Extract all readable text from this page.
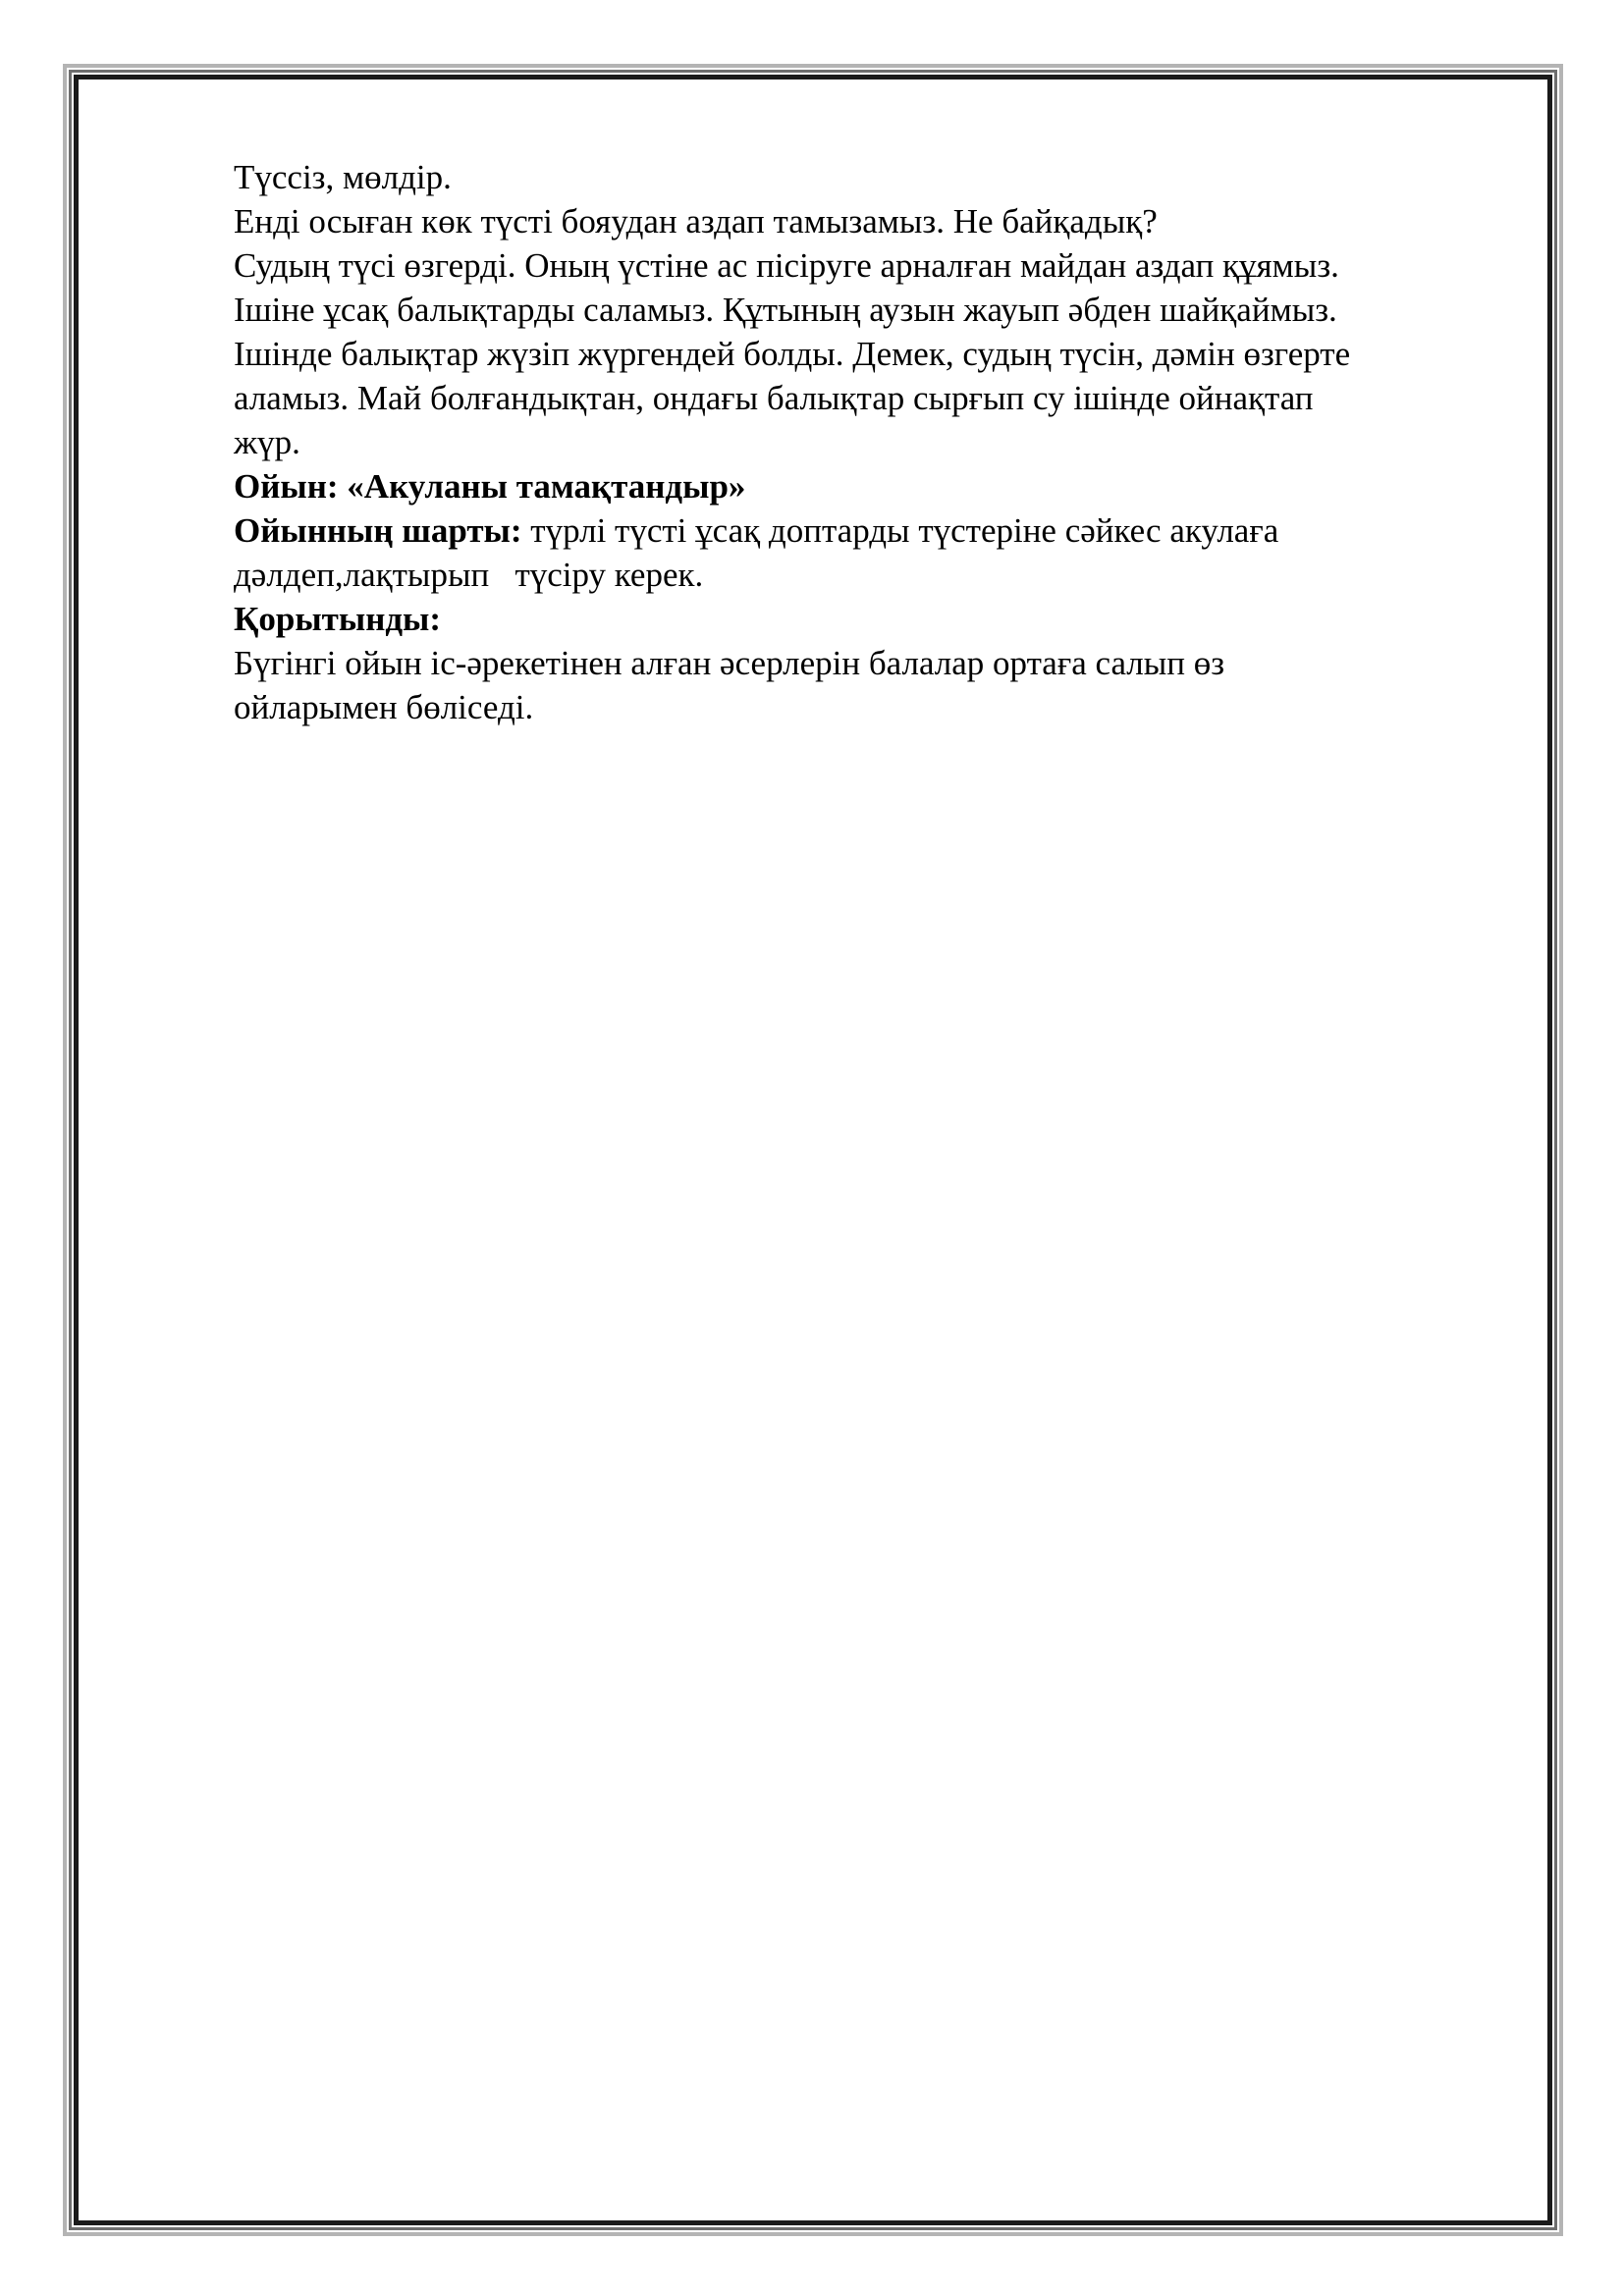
Түссіз, мөлдір.
Енді осыған көк түсті бояудан аздап тамызамыз. Не байқадық?
Судың түсі өзгерді. Оның үстіне ас пісіруге арналған майдан аздап құямыз.
Ішіне ұсақ балықтарды саламыз. Құтының аузын жауып әбден шайқаймыз.
Ішінде балықтар жүзіп жүргендей болды. Демек, судың түсін, дәмін өзгерте
аламыз. Май болғандықтан, ондағы балықтар сырғып су ішінде ойнақтап
жүр.
Ойын: «Акуланы тамақтандыр»
Ойынның шарты: түрлі түсті ұсақ доптарды түстеріне сәйкес акулаға
дәлдеп,лақтырып   түсіру керек.
Қорытынды:
Бүгінгі ойын іс-әрекетінен алған әсерлерін балалар ортаға салып өз
ойларымен бөліседі.
